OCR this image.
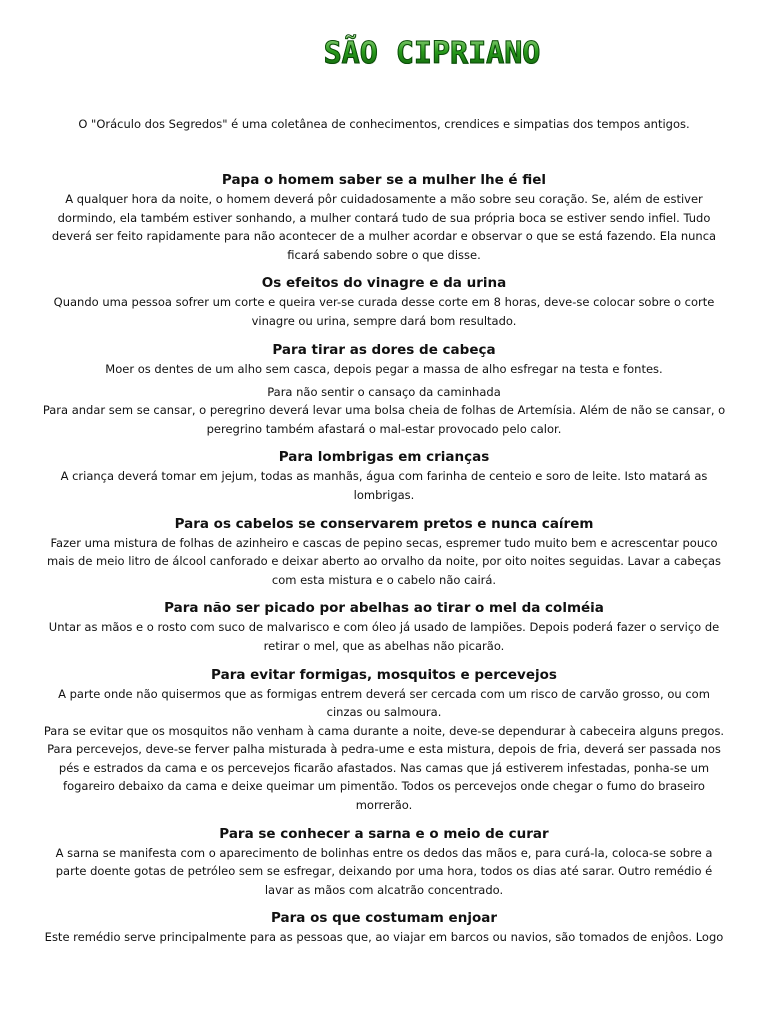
SÃO CIPRIANO
O "Oráculo dos Segredos" é uma coletânea de conhecimentos, crendices e simpatias dos tempos antigos.
Papa o homem saber se a mulher lhe é fiel

A qualquer hora da noite, o homem deverá pôr cuidadosamente a mão sobre seu coração. Se, além de estiver dormindo, ela também estiver sonhando, a mulher contará tudo de sua própria boca se estiver sendo infiel. Tudo deverá ser feito rapidamente para não acontecer de a mulher acordar e observar o que se está fazendo. Ela nunca ficará sabendo sobre o que disse.

Os efeitos do vinagre e da urina

Quando uma pessoa sofrer um corte e queira ver-se curada desse corte em 8 horas, deve-se colocar sobre o corte vinagre ou urina, sempre dará bom resultado.

Para tirar as dores de cabeça

Moer os dentes de um alho sem casca, depois pegar a massa de alho esfregar na testa e fontes.

Para não sentir o cansaço da caminhada

Para andar sem se cansar, o peregrino deverá levar uma bolsa cheia de folhas de Artemísia. Além de não se cansar, o peregrino também afastará o mal-estar provocado pelo calor.

Para lombrigas em crianças

A criança deverá tomar em jejum, todas as manhãs, água com farinha de centeio e soro de leite. Isto matará as lombrigas.

Para os cabelos se conservarem pretos e nunca caírem

Fazer uma mistura de folhas de azinheiro e cascas de pepino secas, espremer tudo muito bem e acrescentar pouco mais de meio litro de álcool canforado e deixar aberto ao orvalho da noite, por oito noites seguidas. Lavar a cabeças com esta mistura e o cabelo não cairá.

Para não ser picado por abelhas ao tirar o mel da colméia

Untar as mãos e o rosto com suco de malvarisco e com óleo já usado de lampiões. Depois poderá fazer o serviço de retirar o mel, que as abelhas não picarão.

Para evitar formigas, mosquitos e percevejos

A parte onde não quisermos que as formigas entrem deverá ser cercada com um risco de carvão grosso, ou com cinzas ou salmoura.

Para se evitar que os mosquitos não venham à cama durante a noite, deve-se dependurar à cabeceira alguns pregos. Para percevejos, deve-se ferver palha misturada à pedra-ume e esta mistura, depois de fria, deverá ser passada nos pés e estrados da cama e os percevejos ficarão afastados. Nas camas que já estiverem infestadas, ponha-se um fogareiro debaixo da cama e deixe queimar um pimentão. Todos os percevejos onde chegar o fumo do braseiro morrerão.

Para se conhecer a sarna e o meio de curar

A sarna se manifesta com o aparecimento de bolinhas entre os dedos das mãos e, para curá-la, coloca-se sobre a parte doente gotas de petróleo sem se esfregar, deixando por uma hora, todos os dias até sarar. Outro remédio é lavar as mãos com alcatrão concentrado.

Para os que costumam enjoar

Este remédio serve principalmente para as pessoas que, ao viajar em barcos ou navios, são tomados de enjôos. Logo
